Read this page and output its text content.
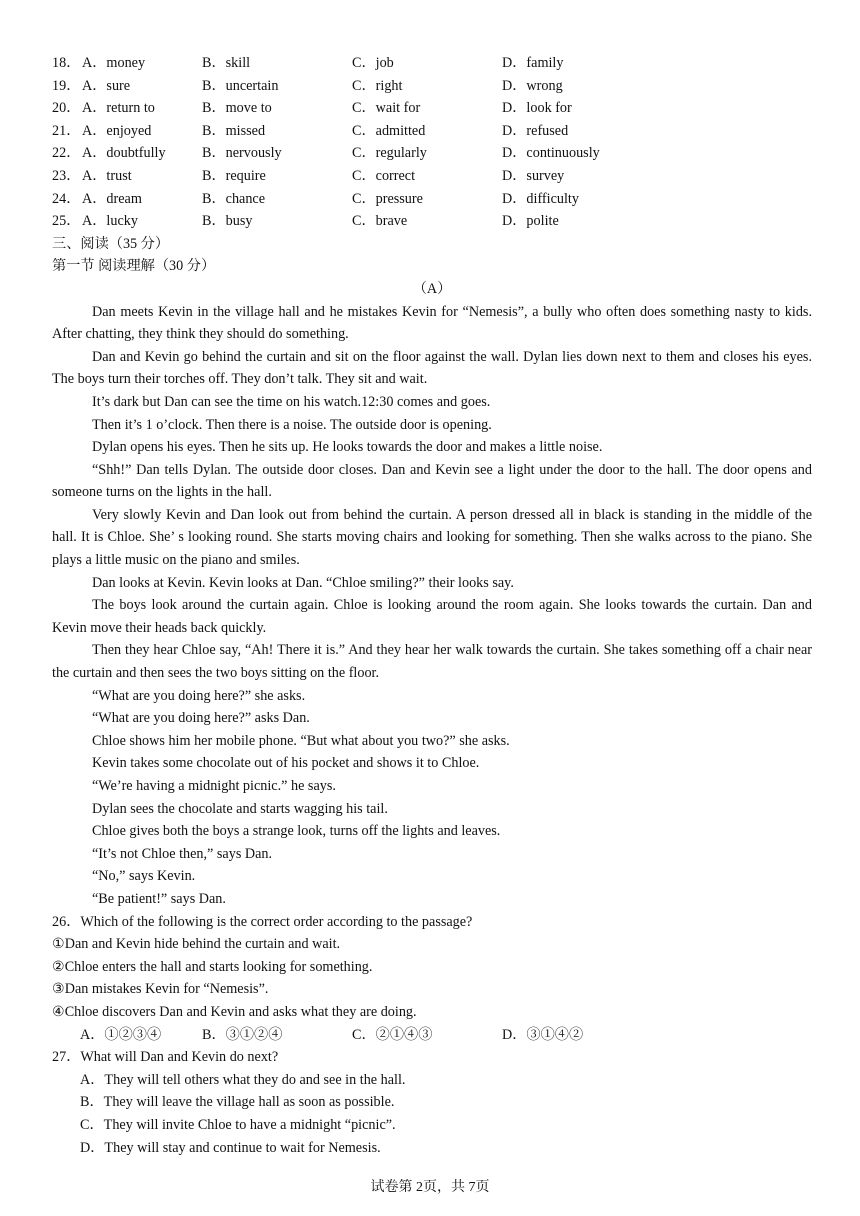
18． A．money	B．skill	C．job	D．family
19． A．sure	B．uncertain	C．right	D．wrong
20． A．return to	B．move to	C．wait for	D．look for
21． A．enjoyed	B．missed	C．admitted	D．refused
22． A．doubtfully	B．nervously	C．regularly	D．continuously
23． A．trust	B．require	C．correct	D．survey
24． A．dream	B．chance	C．pressure	D．difficulty
25． A．lucky	B．busy	C．brave	D．polite
三、阅读（35 分）
第一节 阅读理解（30 分）
（A）

Dan meets Kevin in the village hall and he mistakes Kevin for “Nemesis”, a bully who often does something nasty to kids. After chatting, they think they should do something.

Dan and Kevin go behind the curtain and sit on the floor against the wall. Dylan lies down next to them and closes his eyes. The boys turn their torches off. They don’t talk. They sit and wait.

It’s dark but Dan can see the time on his watch.12:30 comes and goes.

Then it’s 1 o’clock. Then there is a noise. The outside door is opening.

Dylan opens his eyes. Then he sits up. He looks towards the door and makes a little noise.

“Shh!” Dan tells Dylan. The outside door closes. Dan and Kevin see a light under the door to the hall. The door opens and someone turns on the lights in the hall.

Very slowly Kevin and Dan look out from behind the curtain. A person dressed all in black is standing in the middle of the hall. It is Chloe. She’ s looking round. She starts moving chairs and looking for something. Then she walks across to the piano. She plays a little music on the piano and smiles.

Dan looks at Kevin. Kevin looks at Dan. “Chloe smiling?” their looks say.

The boys look around the curtain again. Chloe is looking around the room again. She looks towards the curtain. Dan and Kevin move their heads back quickly.

Then they hear Chloe say, “Ah! There it is.” And they hear her walk towards the curtain. She takes something off a chair near the curtain and then sees the two boys sitting on the floor.

“What are you doing here?” she asks.

“What are you doing here?” asks Dan.

Chloe shows him her mobile phone. “But what about you two?” she asks.

Kevin takes some chocolate out of his pocket and shows it to Chloe.

“We’re having a midnight picnic.” he says.

Dylan sees the chocolate and starts wagging his tail.

Chloe gives both the boys a strange look, turns off the lights and leaves.

“It’s not Chloe then,” says Dan.

“No,” says Kevin.

“Be patient!” says Dan.

26．Which of the following is the correct order according to the passage?
①Dan and Kevin hide behind the curtain and wait.
②Chloe enters the hall and starts looking for something.
③Dan mistakes Kevin for “Nemesis”.
④Chloe discovers Dan and Kevin and asks what they are doing.
A．①②③④	B．③①②④	C．②①④③	D．③①④②
27．What will Dan and Kevin do next?
A．They will tell others what they do and see in the hall.
B．They will leave the village hall as soon as possible.
C．They will invite Chloe to have a midnight “picnic”.
D．They will stay and continue to wait for Nemesis.
试卷第 2页，共 7页
